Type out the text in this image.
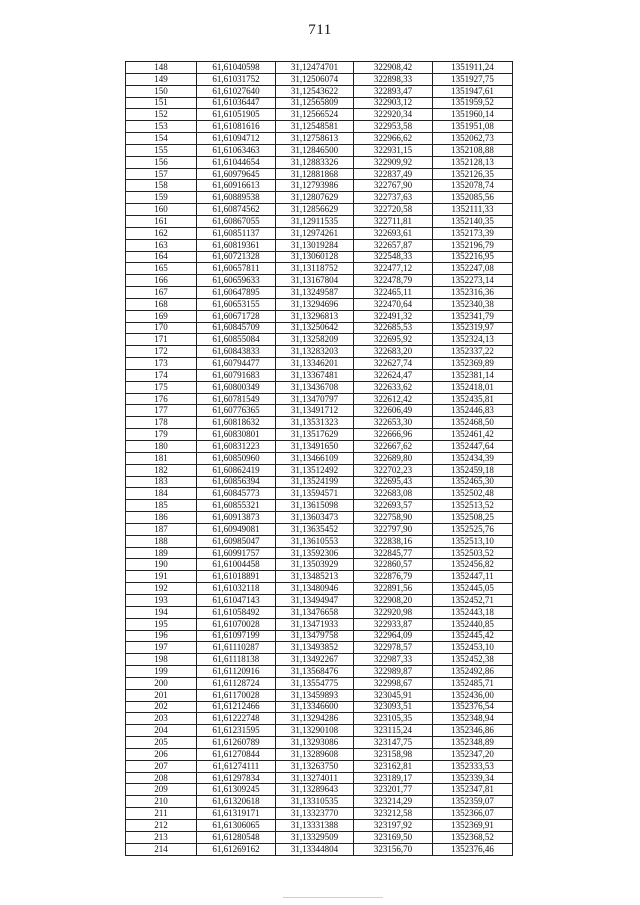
711
148	61,61040598	31,12474701	322908,42	1351911,24
149	61,61031752	31,12506074	322898,33	1351927,75
150	61,61027640	31,12543622	322893,47	1351947,61
151	61,61036447	31,12565809	322903,12	1351959,52
152	61,61051905	31,12566524	322920,34	1351960,14
153	61,61081616	31,12548581	322953,58	1351951,08
154	61,61094712	31,12758613	322966,62	1352062,73
155	61,61063463	31,12846500	322931,15	1352108,88
156	61,61044654	31,12883326	322909,92	1352128,13
157	61,60979645	31,12881868	322837,49	1352126,35
158	61,60916613	31,12793986	322767,90	1352078,74
159	61,60889538	31,12807629	322737,63	1352085,56
160	61,60874562	31,12856629	322720,58	1352111,33
161	61,60867055	31,12911535	322711,81	1352140,35
162	61,60851137	31,12974261	322693,61	1352173,39
163	61,60819361	31,13019284	322657,87	1352196,79
164	61,60721328	31,13060128	322548,33	1352216,95
165	61,60657811	31,13118752	322477,12	1352247,08
166	61,60659633	31,13167804	322478,79	1352273,14
167	61,60647895	31,13249587	322465,11	1352316,36
168	61,60653155	31,13294696	322470,64	1352340,38
169	61,60671728	31,13296813	322491,32	1352341,79
170	61,60845709	31,13250642	322685,53	1352319,97
171	61,60855084	31,13258209	322695,92	1352324,13
172	61,60843833	31,13283203	322683,20	1352337,22
173	61,60794477	31,13346201	322627,74	1352369,89
174	61,60791683	31,13367481	322624,47	1352381,14
175	61,60800349	31,13436708	322633,62	1352418,01
176	61,60781549	31,13470797	322612,42	1352435,81
177	61,60776365	31,13491712	322606,49	1352446,83
178	61,60818632	31,13531323	322653,30	1352468,50
179	61,60830801	31,13517629	322666,96	1352461,42
180	61,60831223	31,13491650	322667,62	1352447,64
181	61,60850960	31,13466109	322689,80	1352434,39
182	61,60862419	31,13512492	322702,23	1352459,18
183	61,60856394	31,13524199	322695,43	1352465,30
184	61,60845773	31,13594571	322683,08	1352502,48
185	61,60855321	31,13615098	322693,57	1352513,52
186	61,60913873	31,13603473	322758,90	1352508,25
187	61,60949081	31,13635452	322797,90	1352525,76
188	61,60985047	31,13610553	322838,16	1352513,10
189	61,60991757	31,13592306	322845,77	1352503,52
190	61,61004458	31,13503929	322860,57	1352456,82
191	61,61018891	31,13485213	322876,79	1352447,11
192	61,61032118	31,13480946	322891,56	1352445,05
193	61,61047143	31,13494947	322908,20	1352452,71
194	61,61058492	31,13476658	322920,98	1352443,18
195	61,61070028	31,13471933	322933,87	1352440,85
196	61,61097199	31,13479758	322964,09	1352445,42
197	61,61110287	31,13493852	322978,57	1352453,10
198	61,61118138	31,13492267	322987,33	1352452,38
199	61,61120916	31,13568476	322989,87	1352492,86
200	61,61128724	31,13554775	322998,67	1352485,71
201	61,61170028	31,13459893	323045,91	1352436,00
202	61,61212466	31,13346600	323093,51	1352376,54
203	61,61222748	31,13294286	323105,35	1352348,94
204	61,61231595	31,13290108	323115,24	1352346,86
205	61,61260789	31,13293086	323147,75	1352348,89
206	61,61270844	31,13289608	323158,98	1352347,20
207	61,61274111	31,13263750	323162,81	1352333,53
208	61,61297834	31,13274011	323189,17	1352339,34
209	61,61309245	31,13289643	323201,77	1352347,81
210	61,61320618	31,13310535	323214,29	1352359,07
211	61,61319171	31,13323770	323212,58	1352366,07
212	61,61306065	31,13331388	323197,92	1352369,91
213	61,61280548	31,13329509	323169,50	1352368,52
214	61,61269162	31,13344804	323156,70	1352376,46
